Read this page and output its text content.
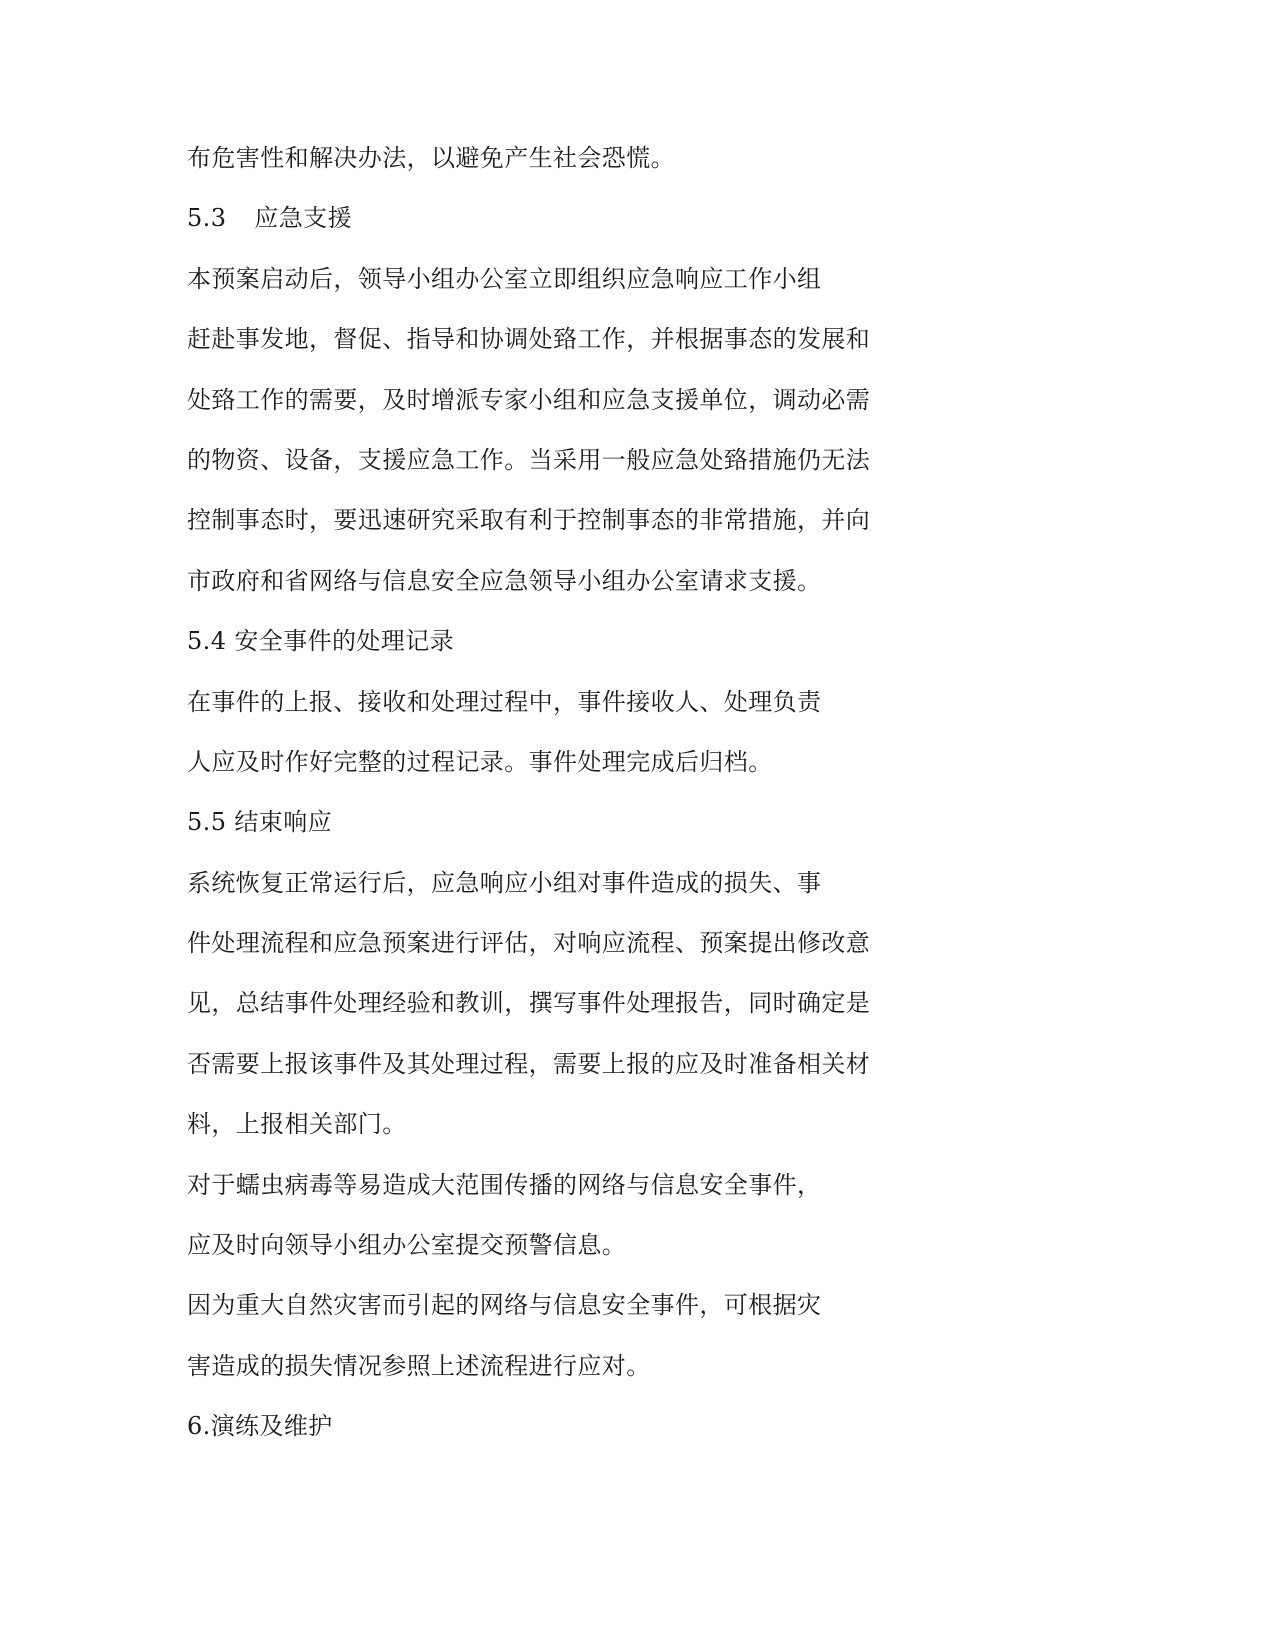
布危害性和解决办法，以避免产生社会恐慌。
5.3 应急支援
本预案启动后，领导小组办公室立即组织应急响应工作小组
赶赴事发地，督促、指导和协调处臵工作，并根据事态的发展和
处臵工作的需要，及时增派专家小组和应急支援单位，调动必需
的物资、设备，支援应急工作。当采用一般应急处臵措施仍无法
控制事态时，要迅速研究采取有利于控制事态的非常措施，并向
市政府和省网络与信息安全应急领导小组办公室请求支援。
5.4 安全事件的处理记录
在事件的上报、接收和处理过程中，事件接收人、处理负责
人应及时作好完整的过程记录。事件处理完成后归档。
5.5 结束响应
系统恢复正常运行后，应急响应小组对事件造成的损失、事
件处理流程和应急预案进行评估，对响应流程、预案提出修改意
见，总结事件处理经验和教训，撰写事件处理报告，同时确定是
否需要上报该事件及其处理过程，需要上报的应及时准备相关材
料，上报相关部门。
对于蠕虫病毒等易造成大范围传播的网络与信息安全事件，
应及时向领导小组办公室提交预警信息。
因为重大自然灾害而引起的网络与信息安全事件，可根据灾
害造成的损失情况参照上述流程进行应对。
6.演练及维护
